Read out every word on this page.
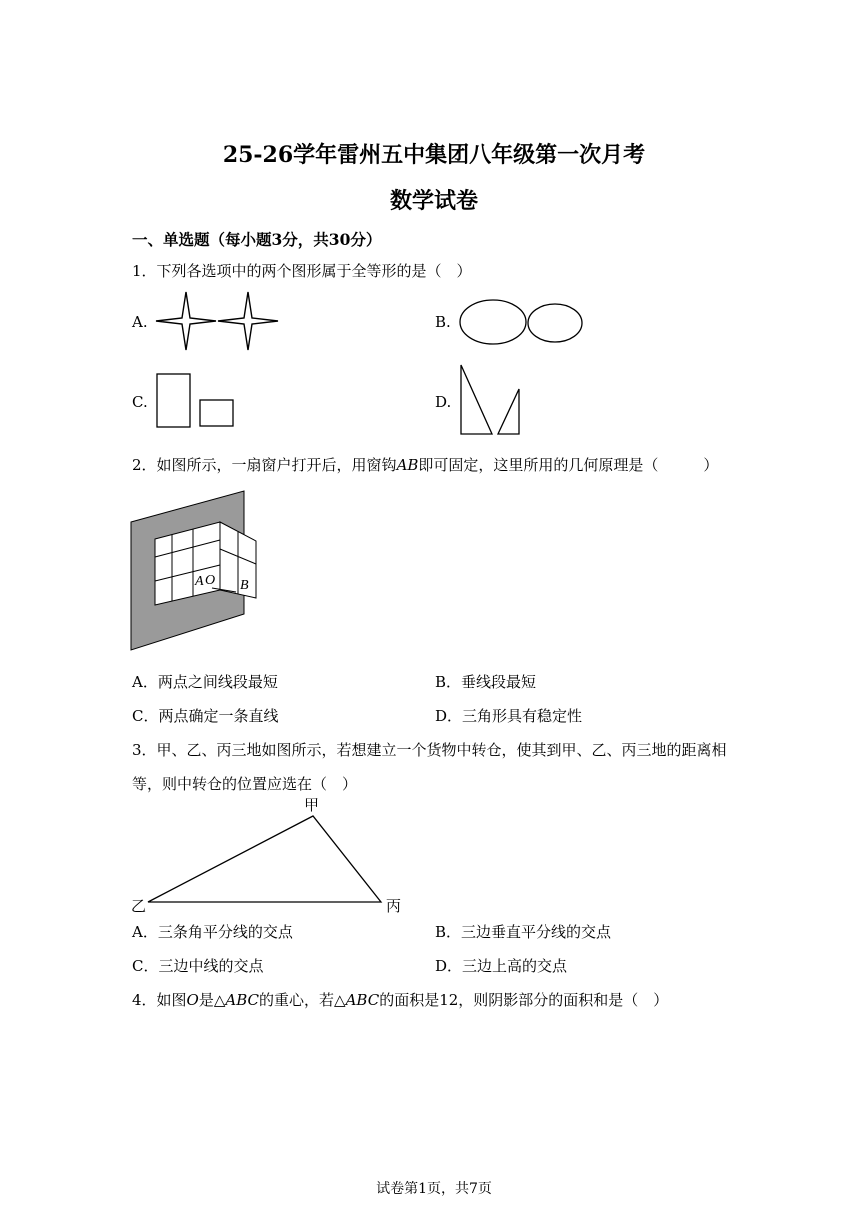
25-26学年雷州五中集团八年级第一次月考
数学试卷
一、单选题（每小题3分，共30分）
1．下列各选项中的两个图形属于全等形的是（　）
A.	B.
C.	D.
2．如图所示，一扇窗户打开后，用窗钩AB即可固定，这里所用的几何原理是（　　　）
A O B
A．两点之间线段最短	B．垂线段最短
C．两点确定一条直线	D．三角形具有稳定性
3．甲、乙、丙三地如图所示，若想建立一个货物中转仓，使其到甲、乙、丙三地的距离相
等，则中转仓的位置应选在（　）
甲
乙	丙
A．三条角平分线的交点	B．三边垂直平分线的交点
C．三边中线的交点	D．三边上高的交点
4．如图O是△ABC的重心，若△ABC的面积是12，则阴影部分的面积和是（　）
试卷第1页，共7页
